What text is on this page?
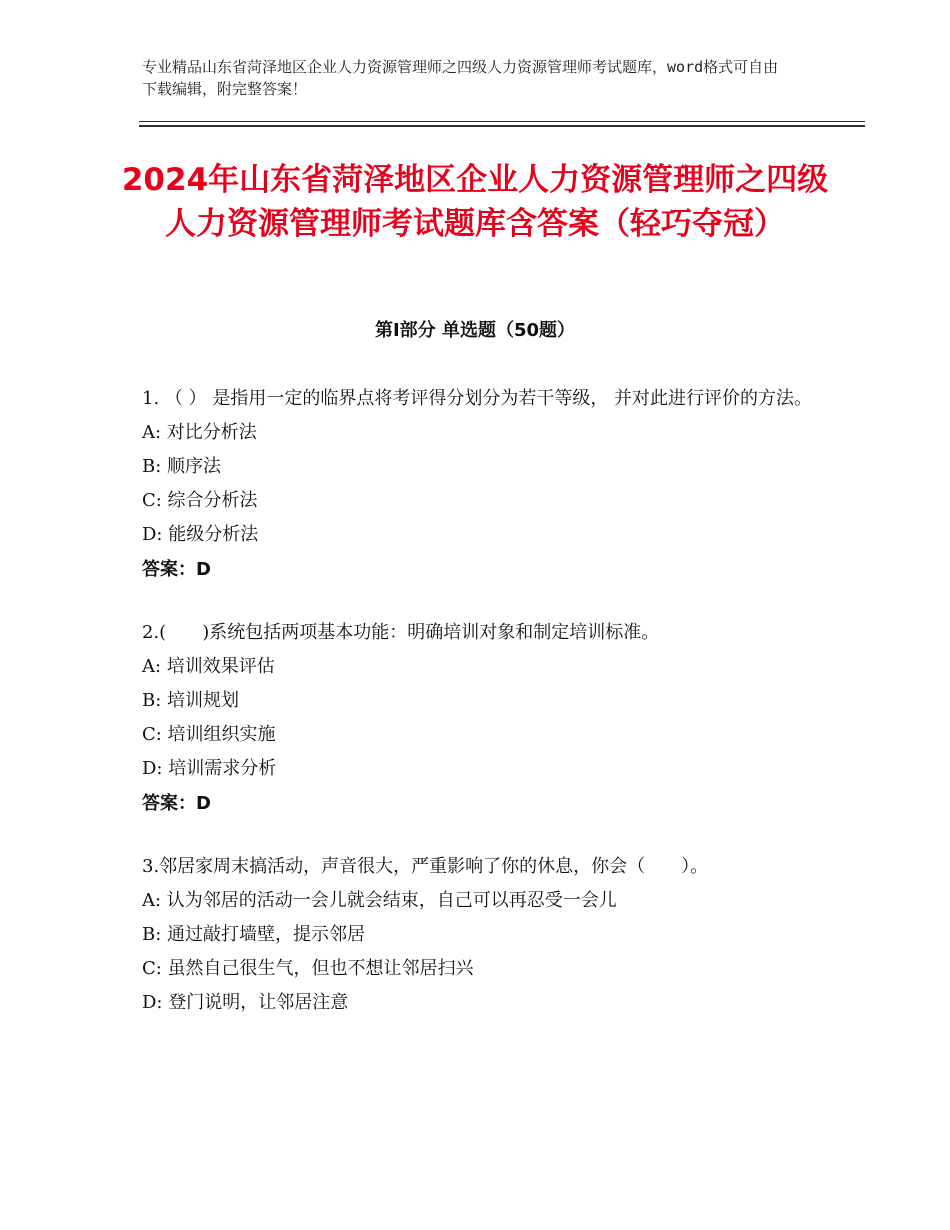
专业精品山东省菏泽地区企业人力资源管理师之四级人力资源管理师考试题库，word格式可自由下载编辑，附完整答案！
2024年山东省菏泽地区企业人力资源管理师之四级人力资源管理师考试题库含答案（轻巧夺冠）
第Ⅰ部分 单选题（50题）
1. （ ） 是指用一定的临界点将考评得分划分为若干等级， 并对此进行评价的方法。
A: 对比分析法
B: 顺序法
C: 综合分析法
D: 能级分析法
答案：D
2.(　　)系统包括两项基本功能：明确培训对象和制定培训标准。
A: 培训效果评估
B: 培训规划
C: 培训组织实施
D: 培训需求分析
答案：D
3.邻居家周末搞活动，声音很大，严重影响了你的休息，你会（　　）。
A: 认为邻居的活动一会儿就会结束，自己可以再忍受一会儿
B: 通过敲打墙壁，提示邻居
C: 虽然自己很生气，但也不想让邻居扫兴
D: 登门说明，让邻居注意
